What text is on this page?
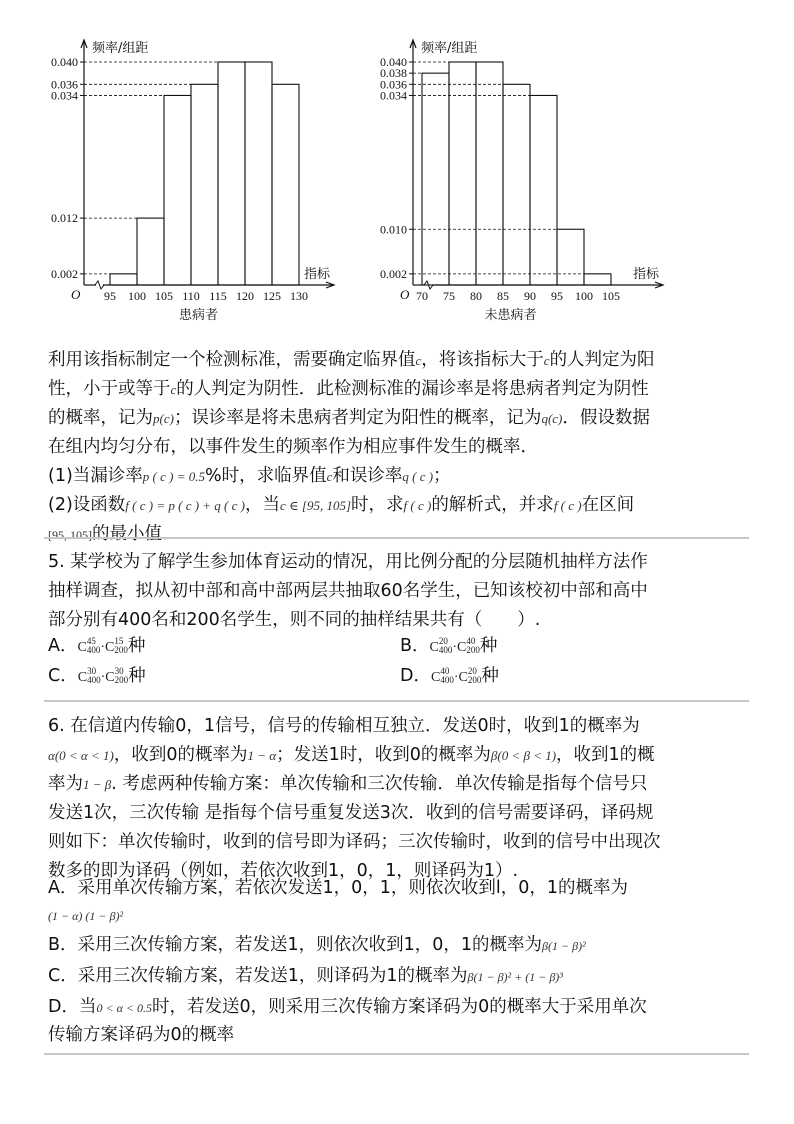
频率/组距
指标
O
患病者
0.040
0.036
0.034
0.012
0.002
95 100 105 110 115 120 125 130
频率/组距
指标
O
未患病者
0.040
0.038
0.036
0.034
0.010
0.002
70 75 80 85 90 95 100 105
利用该指标制定一个检测标准，需要确定临界值c，将该指标大于c的人判定为阳
性，小于或等于c的人判定为阴性．此检测标准的漏诊率是将患病者判定为阴性
的概率，记为p(c)；误诊率是将未患病者判定为阳性的概率，记为q(c)．假设数据
在组内均匀分布，以事件发生的频率作为相应事件发生的概率．
(1)当漏诊率p ( c ) = 0.5%时，求临界值c和误诊率q ( c )；
(2)设函数f ( c ) = p ( c ) + q ( c )，当c ∈ [95, 105]时，求f ( c )的解析式，并求f ( c )在区间
[95, 105]的最小值．
5. 某学校为了解学生参加体育运动的情况，用比例分配的分层随机抽样方法作
抽样调查，拟从初中部和高中部两层共抽取60名学生，已知该校初中部和高中
部分别有400名和200名学生，则不同的抽样结果共有（　　）.
A．C 45
400 ·C 15
200 种	B．C 20
400 ·C 40
200 种
C．C 30
400 ·C 30
200 种	D．C 40
400 ·C 20
200 种
6. 在信道内传输0，1信号，信号的传输相互独立．发送0时，收到1的概率为
α(0 < α < 1)，收到0的概率为1 − α；发送1时，收到0的概率为β(0 < β < 1)，收到1的概
率为1 − β. 考虑两种传输方案：单次传输和三次传输．单次传输是指每个信号只
发送1次，三次传输 是指每个信号重复发送3次．收到的信号需要译码，译码规
则如下：单次传输时，收到的信号即为译码；三次传输时，收到的信号中出现次
数多的即为译码（例如，若依次收到1，0，1，则译码为1）.
A．采用单次传输方案，若依次发送1，0，1，则依次收到l，0，1的概率为
(1 − α) (1 − β)²
B．采用三次传输方案，若发送1，则依次收到1，0，1的概率为β(1 − β)²
C．采用三次传输方案，若发送1，则译码为1的概率为β(1 − β)² + (1 − β)³
D．当0 < α < 0.5时，若发送0，则采用三次传输方案译码为0的概率大于采用单次
传输方案译码为0的概率
